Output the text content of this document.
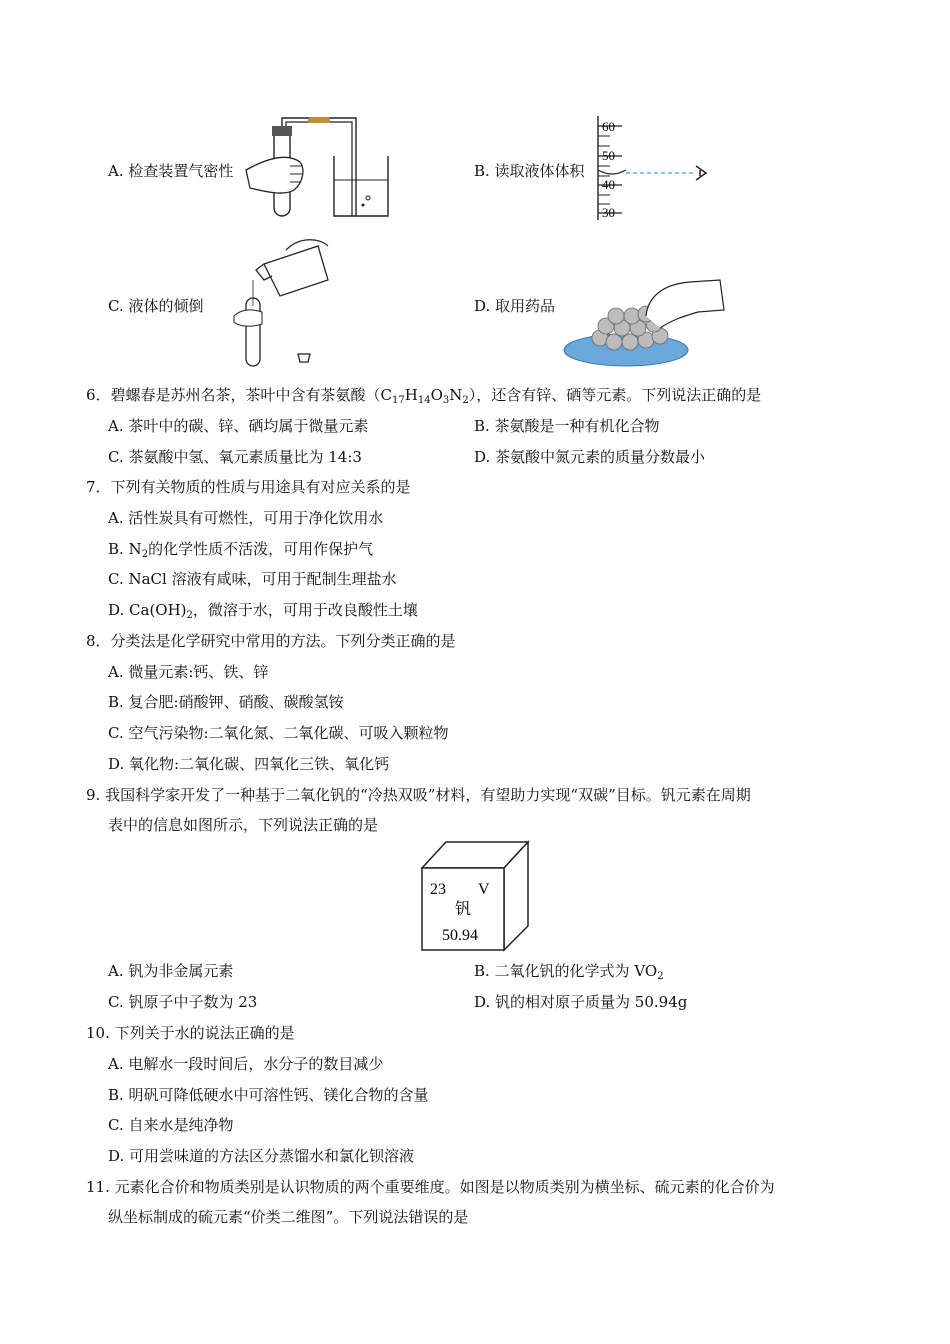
A. 检查装置气密性	B. 读取液体体积
60
50
40
30
C. 液体的倾倒	D. 取用药品
6．碧螺春是苏州名茶，茶叶中含有茶氨酸$(C_{17}H_{14}O_3N_2)$，还含有锌、硒等元素。下列说法正确的是
A. 茶叶中的碳、锌、硒均属于微量元素	B. 茶氨酸是一种有机化合物
C. 茶氨酸中氢、氧元素质量比为 14:3	D. 茶氨酸中氮元素的质量分数最小
7．下列有关物质的性质与用途具有对应关系的是
A. 活性炭具有可燃性，可用于净化饮用水
B. $N_2$的化学性质不活泼，可用作保护气
C. NaCl 溶液有咸味，可用于配制生理盐水
D. $Ca(OH)_2$，微溶于水，可用于改良酸性土壤
8．分类法是化学研究中常用的方法。下列分类正确的是
A. 微量元素:钙、铁、锌
B. 复合肥:硝酸钾、硝酸、碳酸氢铵
C. 空气污染物:二氧化氮、二氧化碳、可吸入颗粒物
D. 氧化物:二氧化碳、四氧化三铁、氧化钙
9. 我国科学家开发了一种基于二氧化钒的“冷热双吸”材料，有望助力实现“双碳”目标。钒元素在周期
表中的信息如图所示，下列说法正确的是
23 V
钒
50.94
A. 钒为非金属元素	B. 二氧化钒的化学式为 $VO_2$
C. 钒原子中子数为 23	D. 钒的相对原子质量为 50.94g
10. 下列关于水的说法正确的是
A. 电解水一段时间后，水分子的数目减少
B. 明矾可降低硬水中可溶性钙、镁化合物的含量
C. 自来水是纯净物
D. 可用尝味道的方法区分蒸馏水和氯化钡溶液
11. 元素化合价和物质类别是认识物质的两个重要维度。如图是以物质类别为横坐标、硫元素的化合价为
纵坐标制成的硫元素“价类二维图”。下列说法错误的是
